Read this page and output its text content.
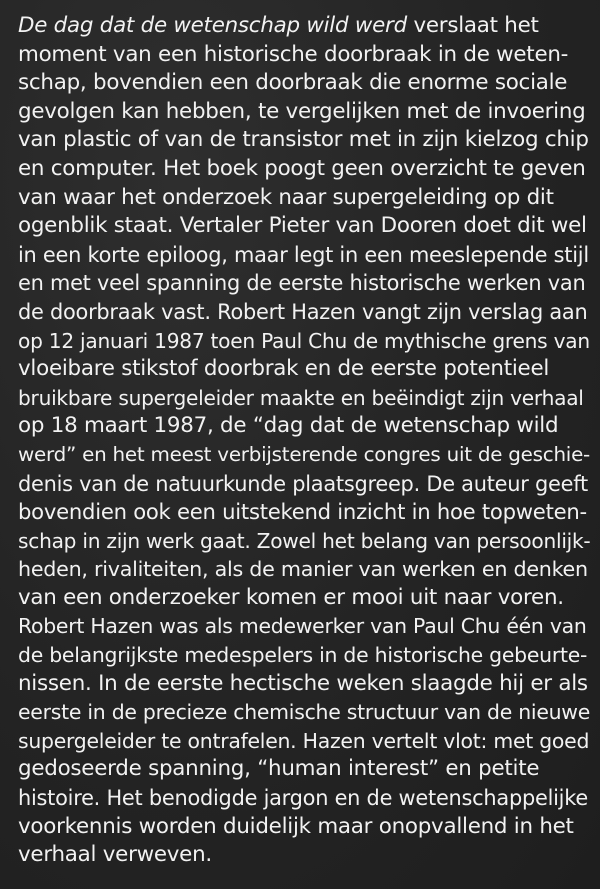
De dag dat de wetenschap wild werd verslaat het
moment van een historische doorbraak in de weten-
schap, bovendien een doorbraak die enorme sociale
gevolgen kan hebben, te vergelijken met de invoering
van plastic of van de transistor met in zijn kielzog chip
en computer. Het boek poogt geen overzicht te geven
van waar het onderzoek naar supergeleiding op dit
ogenblik staat. Vertaler Pieter van Dooren doet dit wel
in een korte epiloog, maar legt in een meeslepende stijl
en met veel spanning de eerste historische werken van
de doorbraak vast. Robert Hazen vangt zijn verslag aan
op 12 januari 1987 toen Paul Chu de mythische grens van
vloeibare stikstof doorbrak en de eerste potentieel
bruikbare supergeleider maakte en beëindigt zijn verhaal
op 18 maart 1987, de “dag dat de wetenschap wild
werd” en het meest verbijsterende congres uit de geschie-
denis van de natuurkunde plaatsgreep. De auteur geeft
bovendien ook een uitstekend inzicht in hoe topweten-
schap in zijn werk gaat. Zowel het belang van persoonlijk-
heden, rivaliteiten, als de manier van werken en denken
van een onderzoeker komen er mooi uit naar voren.
Robert Hazen was als medewerker van Paul Chu één van
de belangrijkste medespelers in de historische gebeurte-
nissen. In de eerste hectische weken slaagde hij er als
eerste in de precieze chemische structuur van de nieuwe
supergeleider te ontrafelen. Hazen vertelt vlot: met goed
gedoseerde spanning, “human interest” en petite
histoire. Het benodigde jargon en de wetenschappelijke
voorkennis worden duidelijk maar onopvallend in het
verhaal verweven.
